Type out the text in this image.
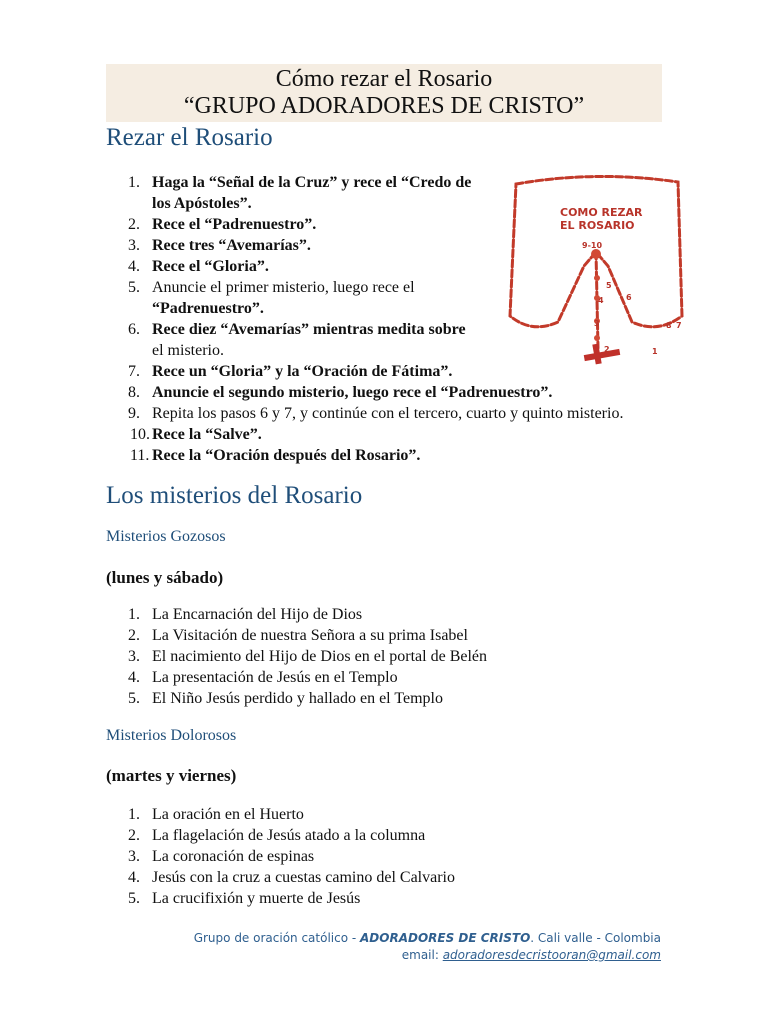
Cómo rezar el Rosario
“GRUPO ADORADORES DE CRISTO”
Rezar el Rosario
1. Haga la “Señal de la Cruz” y rece el “Credo de
los Apóstoles”.
2. Rece el “Padrenuestro”.
3. Rece tres “Avemarías”.
4. Rece el “Gloria”.
5. Anuncie el primer misterio, luego rece el
“Padrenuestro”.
6. Rece diez “Avemarías” mientras medita sobre
el misterio.
7. Rece un “Gloria” y la “Oración de Fátima”.
8. Anuncie el segundo misterio, luego rece el “Padrenuestro”.
9. Repita los pasos 6 y 7, y continúe con el tercero, cuarto y quinto misterio.
10. Rece la “Salve”.
11. Rece la “Oración después del Rosario”.
COMO REZAR
EL ROSARIO
9-10
5
4
3
2	1
6
8 7
Los misterios del Rosario
Misterios Gozosos
(lunes y sábado)
1. La Encarnación del Hijo de Dios
2. La Visitación de nuestra Señora a su prima Isabel
3. El nacimiento del Hijo de Dios en el portal de Belén
4. La presentación de Jesús en el Templo
5. El Niño Jesús perdido y hallado en el Templo
Misterios Dolorosos
(martes y viernes)
1. La oración en el Huerto
2. La flagelación de Jesús atado a la columna
3. La coronación de espinas
4. Jesús con la cruz a cuestas camino del Calvario
5. La crucifixión y muerte de Jesús
Grupo de oración católico - ADORADORES DE CRISTO. Cali valle - Colombia
email: adoradoresdecristooran@gmail.com
